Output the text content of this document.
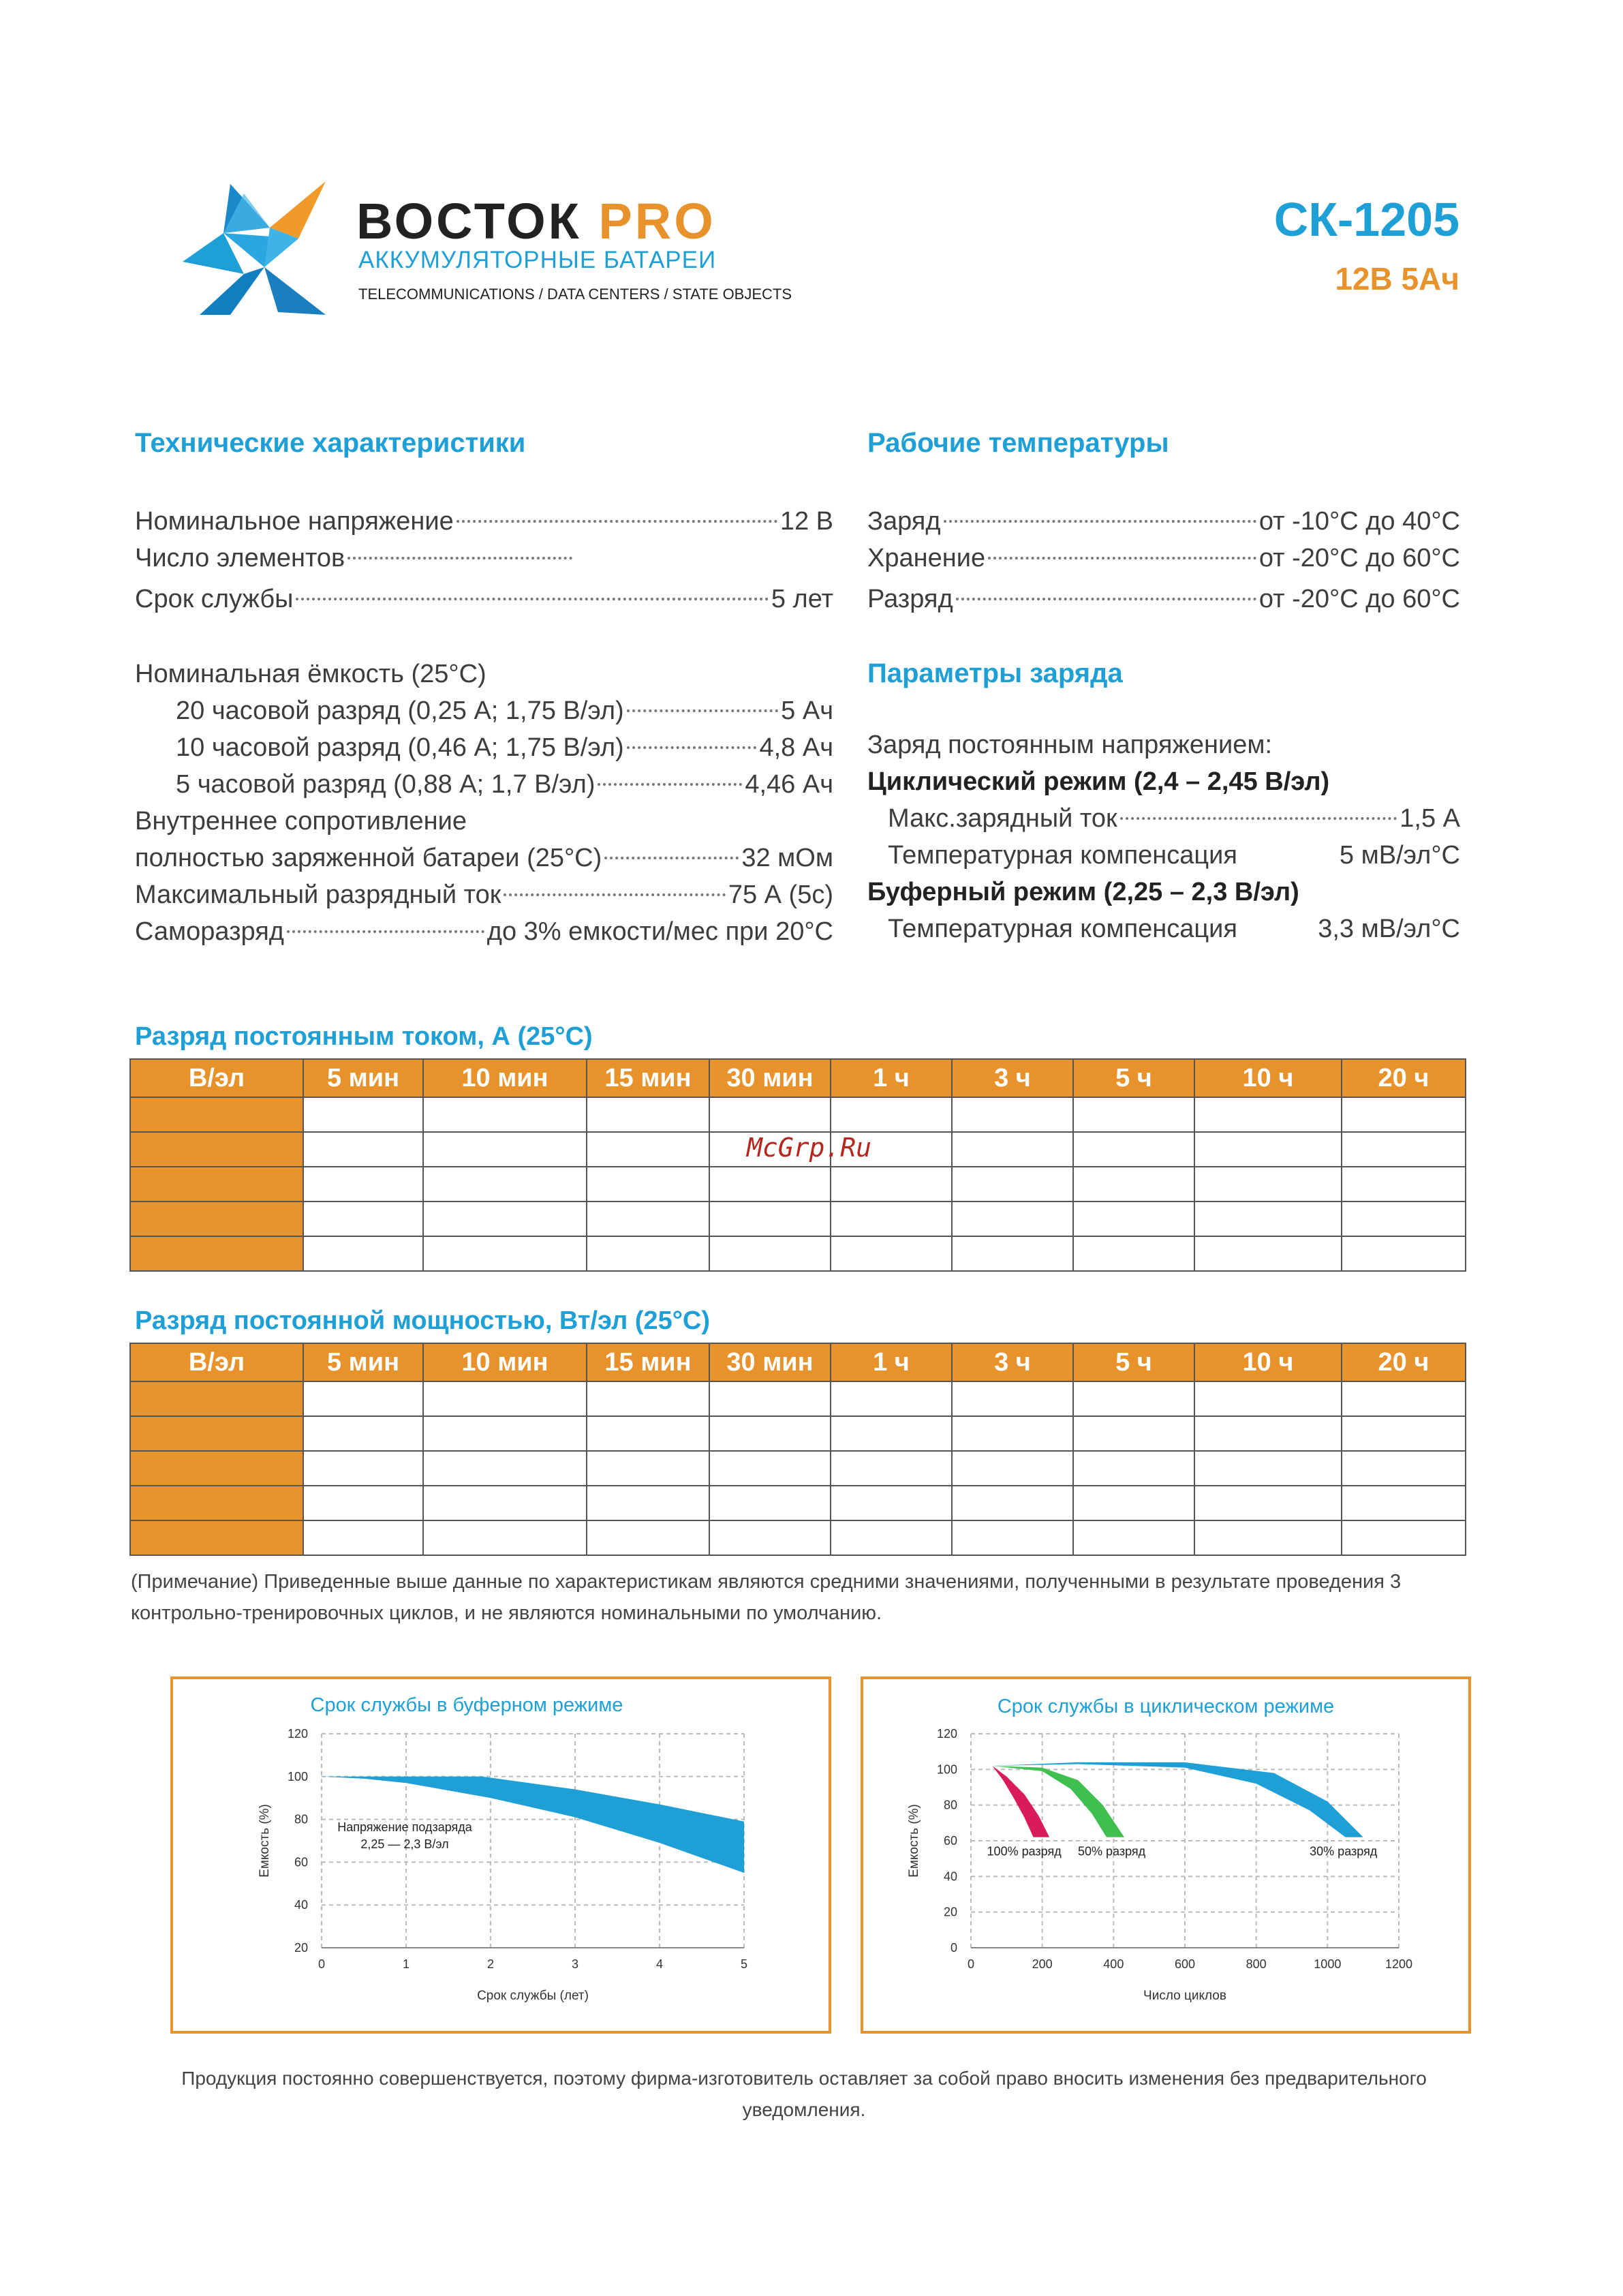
ВОСТОК PRO
АККУМУЛЯТОРНЫЕ БАТАРЕИ
TELECOMMUNICATIONS / DATA CENTERS / STATE OBJECTS
СК-1205
12В 5Ач
Технические характеристики
Номинальное напряжение	12 В
Число элементов
Срок службы	5 лет
Номинальная ёмкость (25°C)
20 часовой разряд (0,25 А; 1,75 В/эл)	5 Ач
10 часовой разряд (0,46 А; 1,75 В/эл)	4,8 Ач
5 часовой разряд (0,88 А; 1,7 В/эл)	4,46 Ач
Внутреннее сопротивление
полностью заряженной батареи (25°C)	32 мОм
Максимальный разрядный ток	75 А (5с)
Саморазряд	до 3% емкости/мес при 20°C
Рабочие температуры
Заряд	от -10°C до 40°C
Хранение	от -20°C до 60°C
Разряд	от -20°C до 60°C
Параметры заряда
Заряд постоянным напряжением:
Циклический режим (2,4 – 2,45 В/эл)
Макс.зарядный ток	1,5 А
Температурная компенсация	5 мВ/эл°C
Буферный режим (2,25 – 2,3 В/эл)
Температурная компенсация	3,3 мВ/эл°C
Разряд постоянным током, А (25°C)
В/эл	5 мин	10 мин	15 мин	30 мин	1 ч	3 ч	5 ч	10 ч	20 ч

McGrp.Ru
Разряд постоянной мощностью, Вт/эл (25°C)
В/эл	5 мин	10 мин	15 мин	30 мин	1 ч	3 ч	5 ч	10 ч	20 ч

(Примечание) Приведенные выше данные по характеристикам являются средними значениями, полученными в результате проведения 3
контрольно-тренировочных циклов, и не являются номинальными по умолчанию.
Срок службы в буферном режиме
0	1	2	3	4	5
20
40
60
80
100
120
Срок службы (лет)
Емкость (%)	Напряжение подзаряда
2,25 — 2,3 В/эл
Срок службы в циклическом режиме
0	200	400	600	800	1000	1200
20
40
60
80
100
120
Число циклов
Емкость (%)
0
100% разряд 50% разряд	30% разряд
Продукция постоянно совершенствуется, поэтому фирма-изготовитель оставляет за собой право вносить изменения без предварительного
уведомления.
